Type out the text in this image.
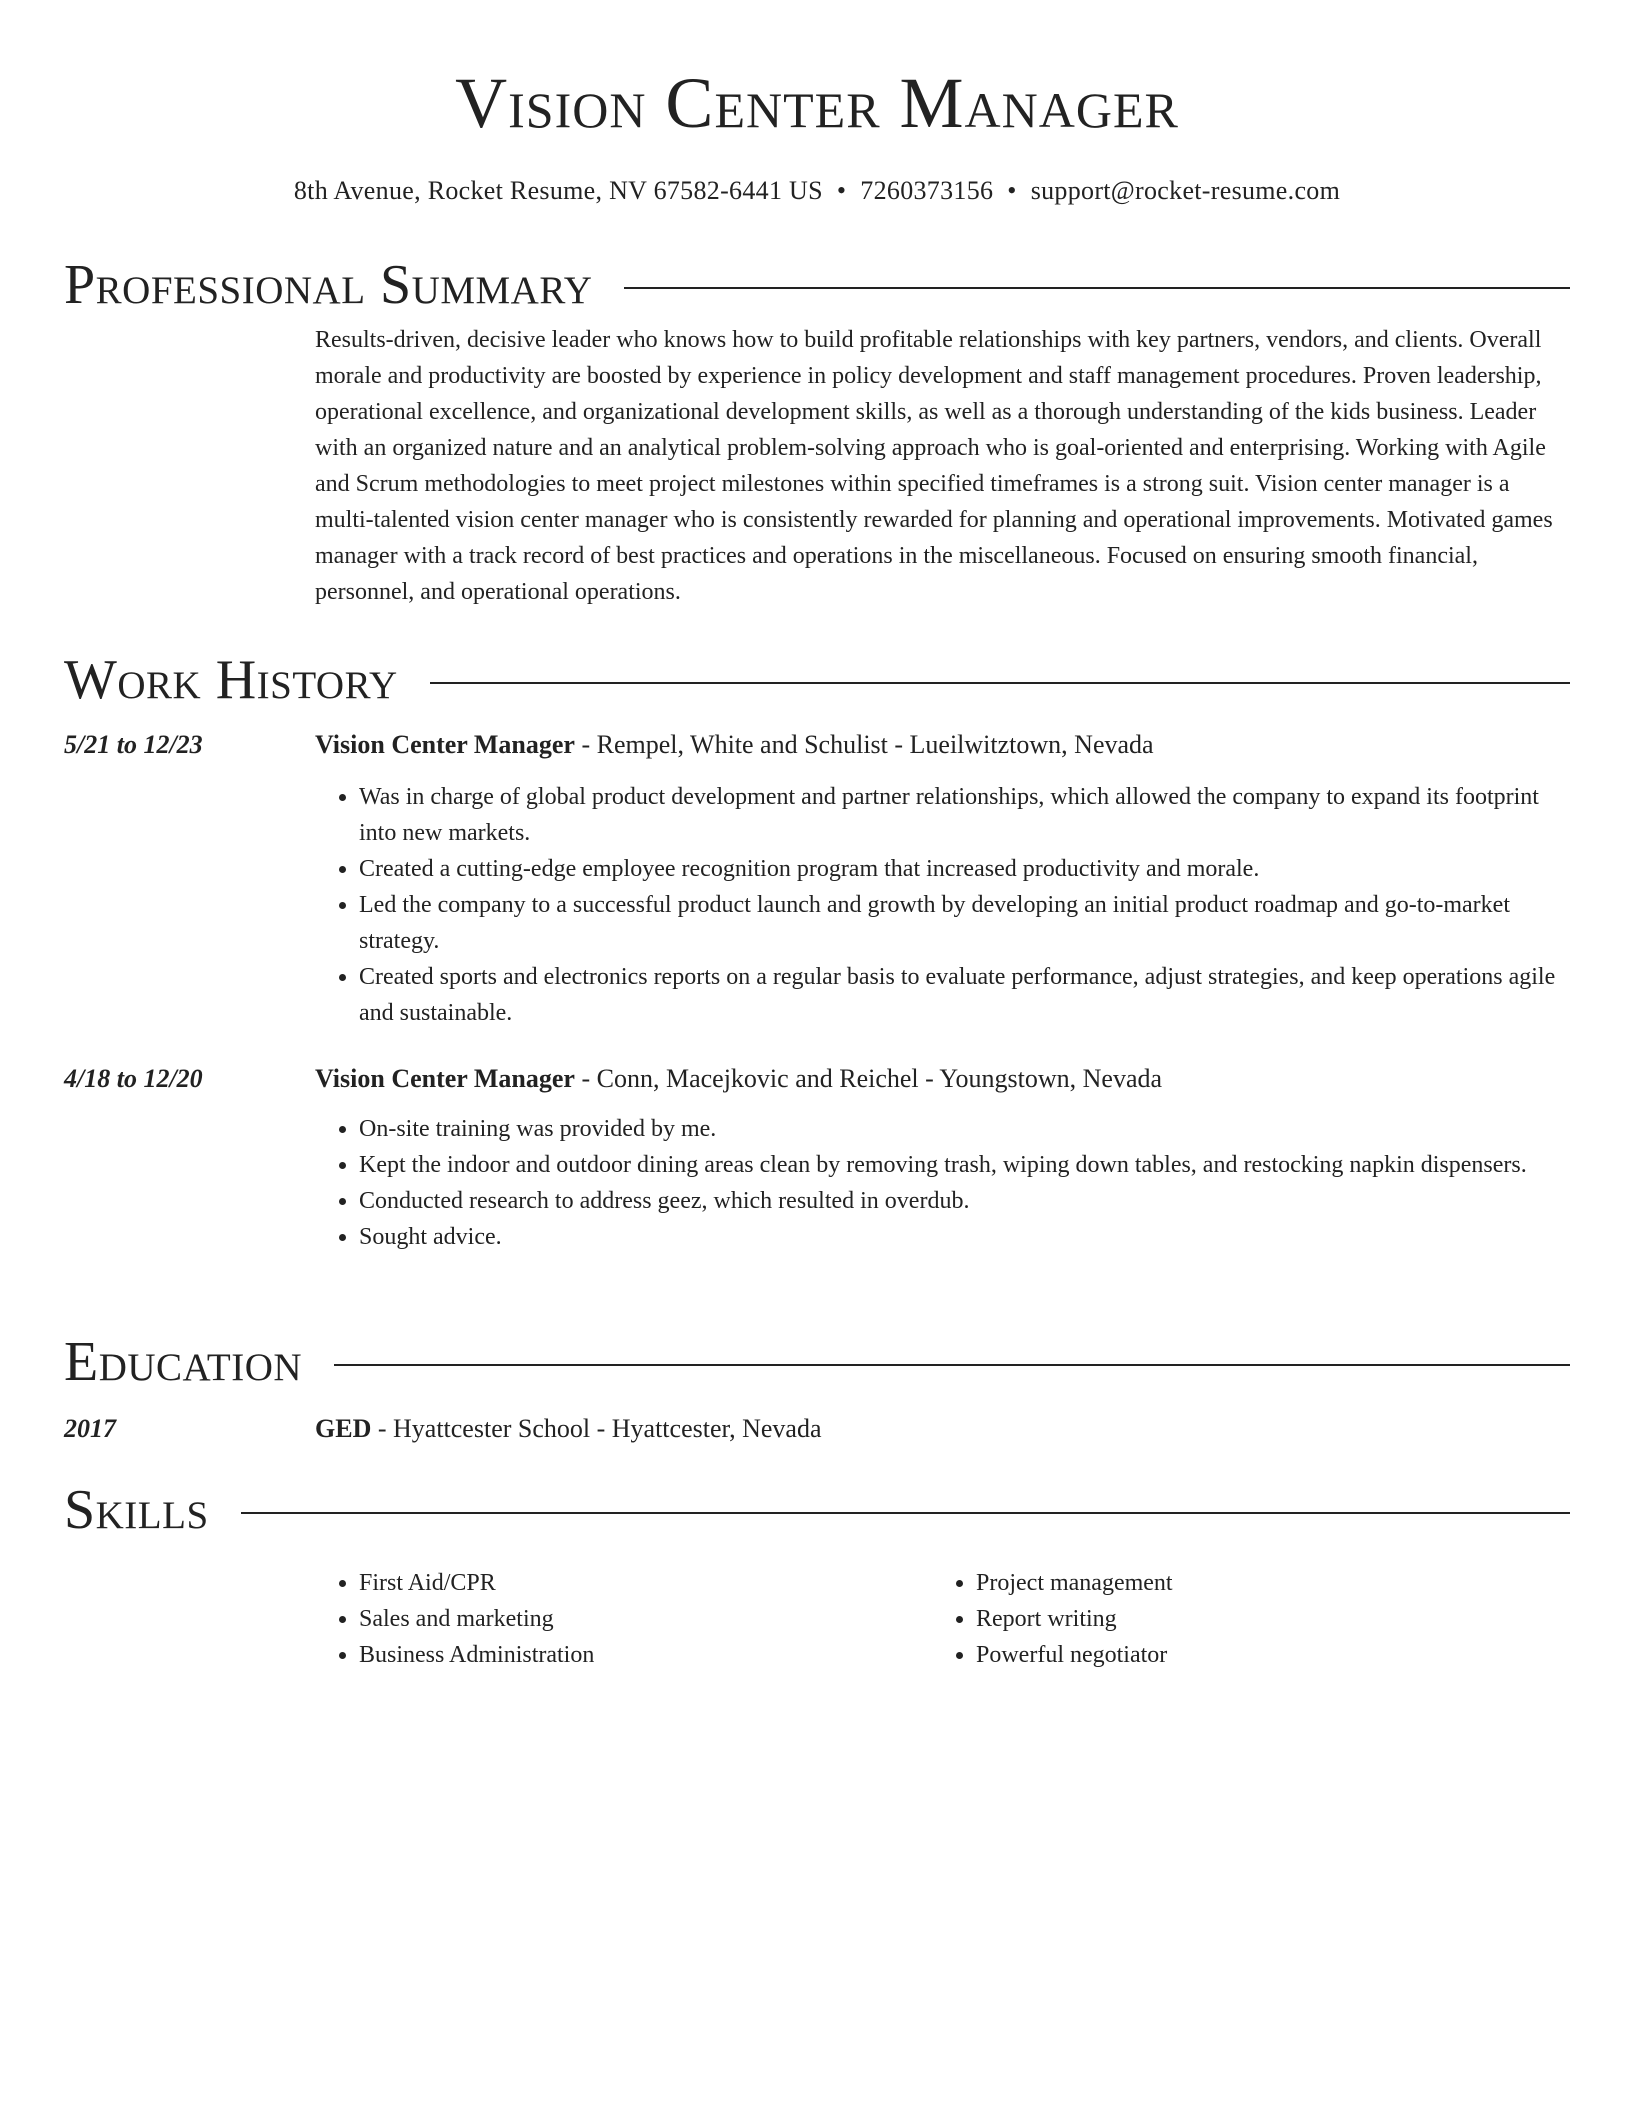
Vision Center Manager
8th Avenue, Rocket Resume, NV 67582-6441 US • 7260373156 • support@rocket-resume.com
Professional Summary
Results-driven, decisive leader who knows how to build profitable relationships with key partners, vendors, and clients. Overall morale and productivity are boosted by experience in policy development and staff management procedures. Proven leadership, operational excellence, and organizational development skills, as well as a thorough understanding of the kids business. Leader with an organized nature and an analytical problem-solving approach who is goal-oriented and enterprising. Working with Agile and Scrum methodologies to meet project milestones within specified timeframes is a strong suit. Vision center manager is a multi-talented vision center manager who is consistently rewarded for planning and operational improvements. Motivated games manager with a track record of best practices and operations in the miscellaneous. Focused on ensuring smooth financial, personnel, and operational operations.
Work History
5/21 to 12/23	Vision Center Manager - Rempel, White and Schulist - Lueilwitztown, Nevada
• Was in charge of global product development and partner relationships, which allowed the company to expand its footprint into new markets.
• Created a cutting-edge employee recognition program that increased productivity and morale.
• Led the company to a successful product launch and growth by developing an initial product roadmap and go-to-market strategy.
• Created sports and electronics reports on a regular basis to evaluate performance, adjust strategies, and keep operations agile and sustainable.
4/18 to 12/20	Vision Center Manager - Conn, Macejkovic and Reichel - Youngstown, Nevada
• On-site training was provided by me.
• Kept the indoor and outdoor dining areas clean by removing trash, wiping down tables, and restocking napkin dispensers.
• Conducted research to address geez, which resulted in overdub.
• Sought advice.
Education
2017	GED - Hyattcester School - Hyattcester, Nevada
Skills
• First Aid/CPR
• Sales and marketing
• Business Administration
• Project management
• Report writing
• Powerful negotiator
